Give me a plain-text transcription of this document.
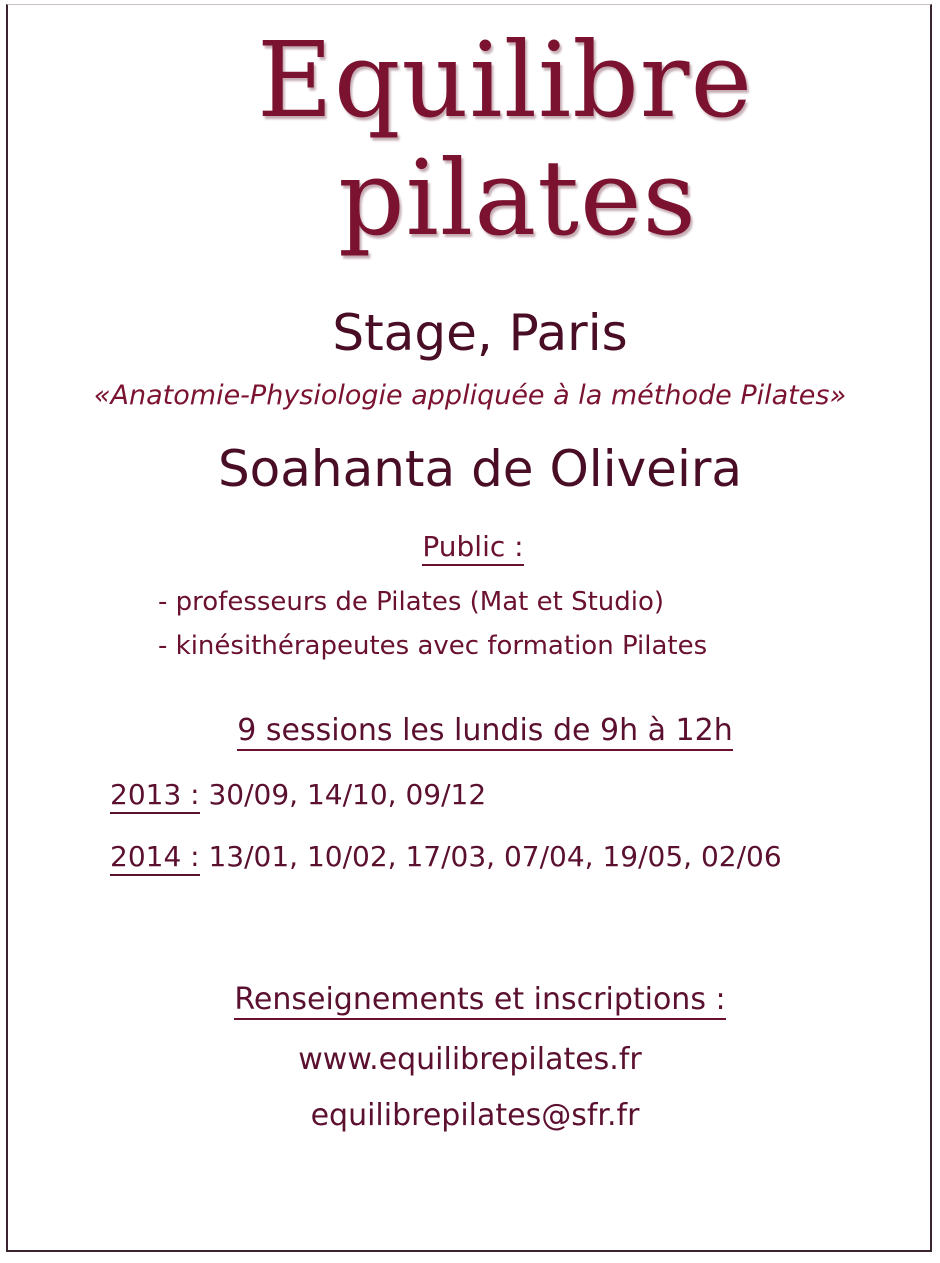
Equilibre
pilates
Stage, Paris
«Anatomie-Physiologie appliquée à la méthode Pilates»
Soahanta de Oliveira
Public :
- professeurs de Pilates (Mat et Studio)
- kinésithérapeutes avec formation Pilates
9 sessions les lundis de 9h à 12h
2013 : 30/09, 14/10, 09/12
2014 : 13/01, 10/02, 17/03, 07/04, 19/05, 02/06
Renseignements et inscriptions :
www.equilibrepilates.fr
equilibrepilates@sfr.fr
